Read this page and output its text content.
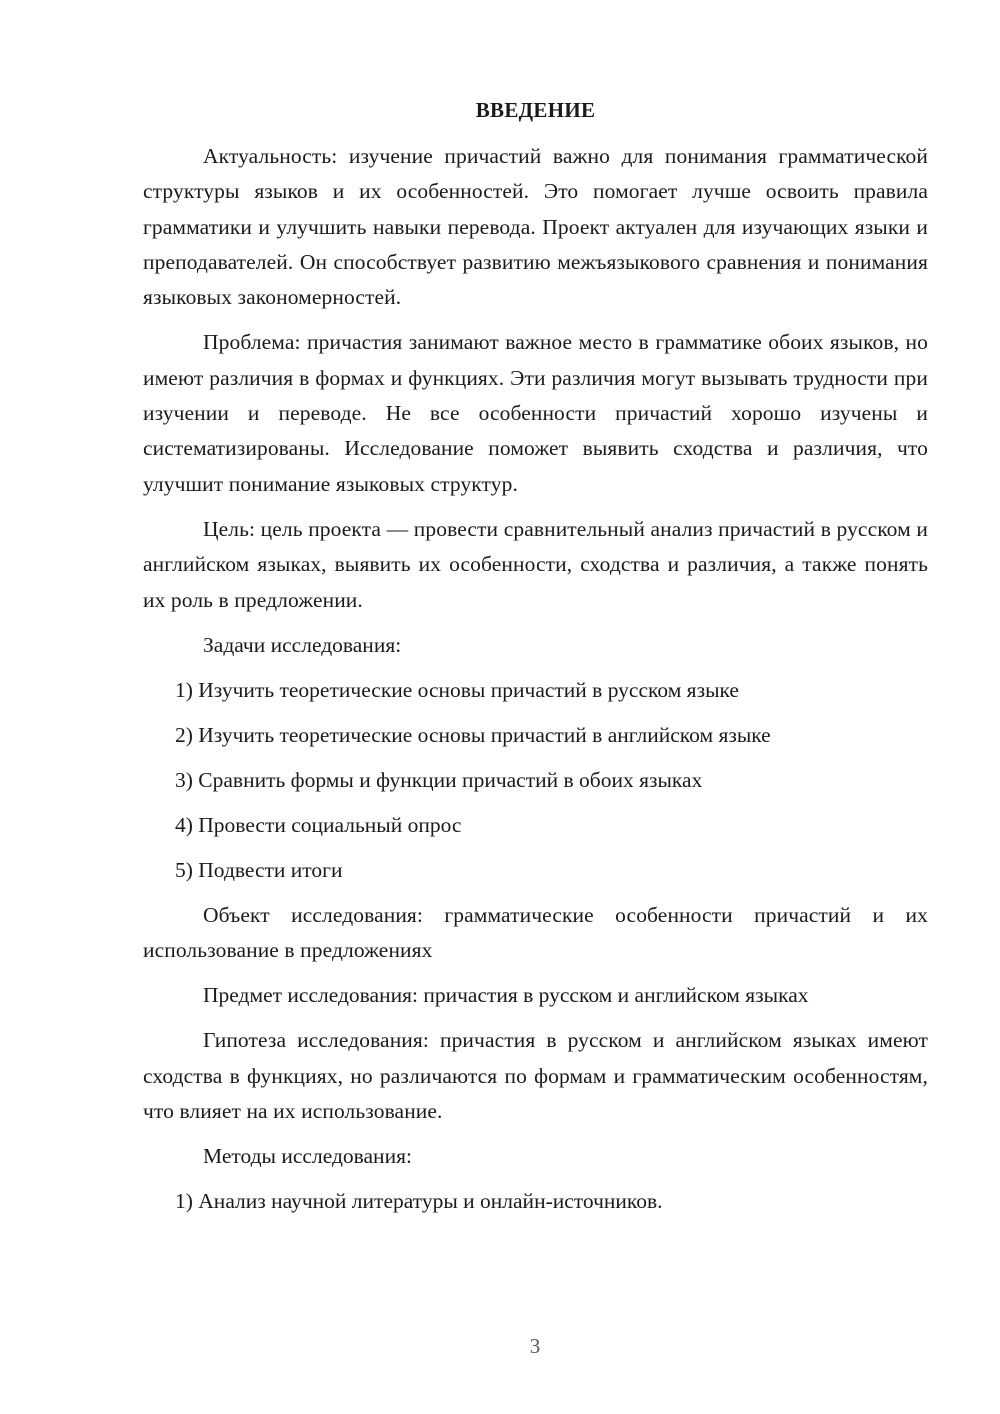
ВВЕДЕНИЕ

Актуальность: изучение причастий важно для понимания грамматической структуры языков и их особенностей. Это помогает лучше освоить правила грамматики и улучшить навыки перевода. Проект актуален для изучающих языки и преподавателей. Он способствует развитию межъязыкового сравнения и понимания языковых закономерностей.

Проблема: причастия занимают важное место в грамматике обоих языков, но имеют различия в формах и функциях. Эти различия могут вызывать трудности при изучении и переводе. Не все особенности причастий хорошо изучены и систематизированы. Исследование поможет выявить сходства и различия, что улучшит понимание языковых структур.

Цель: цель проекта — провести сравнительный анализ причастий в русском и английском языках, выявить их особенности, сходства и различия, а также понять их роль в предложении.

Задачи исследования:

1) Изучить теоретические основы причастий в русском языке

2) Изучить теоретические основы причастий в английском языке

3) Сравнить формы и функции причастий в обоих языках

4) Провести социальный опрос

5) Подвести итоги

Объект исследования: грамматические особенности причастий и их использование в предложениях

Предмет исследования: причастия в русском и английском языках

Гипотеза исследования: причастия в русском и английском языках имеют сходства в функциях, но различаются по формам и грамматическим особенностям, что влияет на их использование.

Методы исследования:

1) Анализ научной литературы и онлайн-источников.

3
